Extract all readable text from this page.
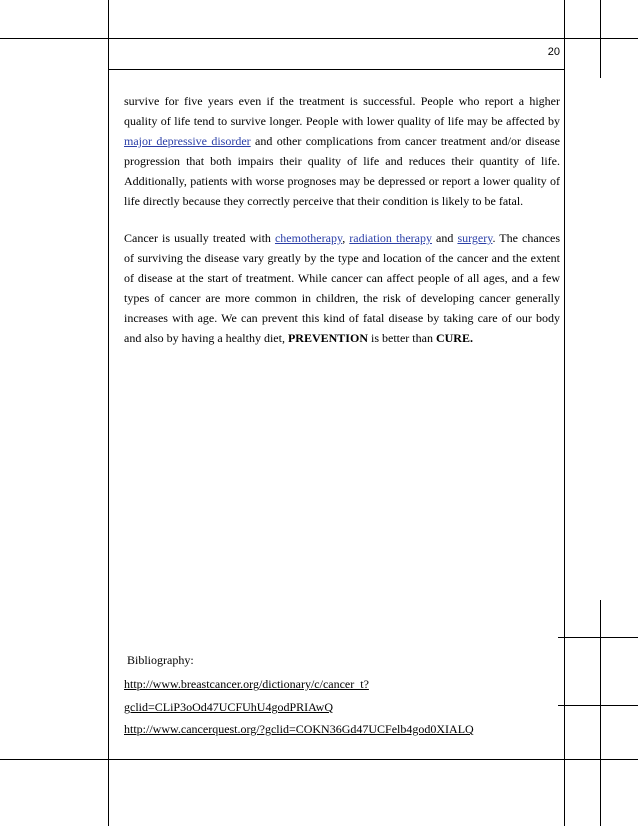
20

survive for five years even if the treatment is successful. People who report a higher quality of life tend to survive longer. People with lower quality of life may be affected by major depressive disorder and other complications from cancer treatment and/or disease progression that both impairs their quality of life and reduces their quantity of life. Additionally, patients with worse prognoses may be depressed or report a lower quality of life directly because they correctly perceive that their condition is likely to be fatal.

Cancer is usually treated with chemotherapy, radiation therapy and surgery. The chances of surviving the disease vary greatly by the type and location of the cancer and the extent of disease at the start of treatment. While cancer can affect people of all ages, and a few types of cancer are more common in children, the risk of developing cancer generally increases with age. We can prevent this kind of fatal disease by taking care of our body and also by having a healthy diet, PREVENTION is better than CURE.

Bibliography:
http://www.breastcancer.org/dictionary/c/cancer_t?
gclid=CLiP3oOd47UCFUhU4godPRIAwQ
http://www.cancerquest.org/?gclid=COKN36Gd47UCFelb4god0XIALQ
